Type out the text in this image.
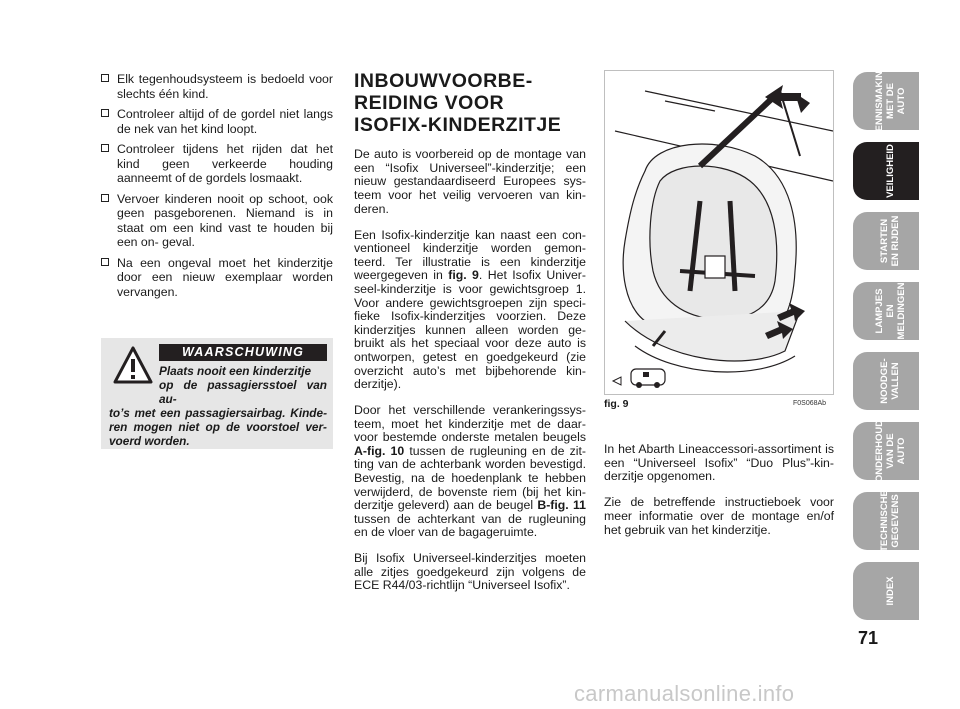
Elk tegenhoudsysteem is bedoeld voor slechts één kind.
Controleer altijd of de gordel niet langs de nek van het kind loopt.
Controleer tijdens het rijden dat het kind geen verkeerde houding aanneemt of de gordels losmaakt.
Vervoer kinderen nooit op schoot, ook geen pasgeborenen. Niemand is in staat om een kind vast te houden bij een on- geval.
Na een ongeval moet het kinderzitje door een nieuw exemplaar worden vervangen.
WAARSCHUWING
Plaats nooit een kinderzitje
op de passagiersstoel van au-
to’s met een passagiersairbag. Kinde- ren mogen niet op de voorstoel ver- voerd worden.
INBOUWVOORBE-
REIDING VOOR
ISOFIX-KINDERZITJE

De auto is voorbereid op de montage van een “Isofix Universeel”-kinderzitje; een nieuw gestandaardiseerd Europees sys- teem voor het veilig vervoeren van kin- deren.

Een Isofix-kinderzitje kan naast een con- ventioneel kinderzitje worden gemon- teerd. Ter illustratie is een kinderzitje weergegeven in fig. 9. Het Isofix Univer- seel-kinderzitje is voor gewichtsgroep 1. Voor andere gewichtsgroepen zijn speci- fieke Isofix-kinderzitjes voorzien. Deze kinderzitjes kunnen alleen worden ge- bruikt als het speciaal voor deze auto is ontworpen, getest en goedgekeurd (zie overzicht auto’s met bijbehorende kin- derzitje).

Door het verschillende verankeringssys- teem, moet het kinderzitje met de daar- voor bestemde onderste metalen beugels A-fig. 10 tussen de rugleuning en de zit- ting van de achterbank worden bevestigd. Bevestig, na de hoedenplank te hebben verwijderd, de bovenste riem (bij het kin- derzitje geleverd) aan de beugel B-fig. 11 tussen de achterkant van de rugleuning en de vloer van de bagageruimte.

Bij Isofix Universeel-kinderzitjes moeten alle zitjes goedgekeurd zijn volgens de ECE R44/03-richtlijn “Universeel Isofix”.

fig. 9	F0S068Ab

In het Abarth Lineaccessori-assortiment is een “Universeel Isofix” “Duo Plus”-kin- derzitje opgenomen.

Zie de betreffende instructieboek voor meer informatie over de montage en/of het gebruik van het kinderzitje.

KENNISMAKING MET DE AUTO
VEILIGHEID
STARTEN EN RIJDEN
LAMPJES EN MELDINGEN
NOODGE- VALLEN
ONDERHOUD VAN DE AUTO
TECHNISCHE GEGEVENS
INDEX
71
carmanualsonline.info
